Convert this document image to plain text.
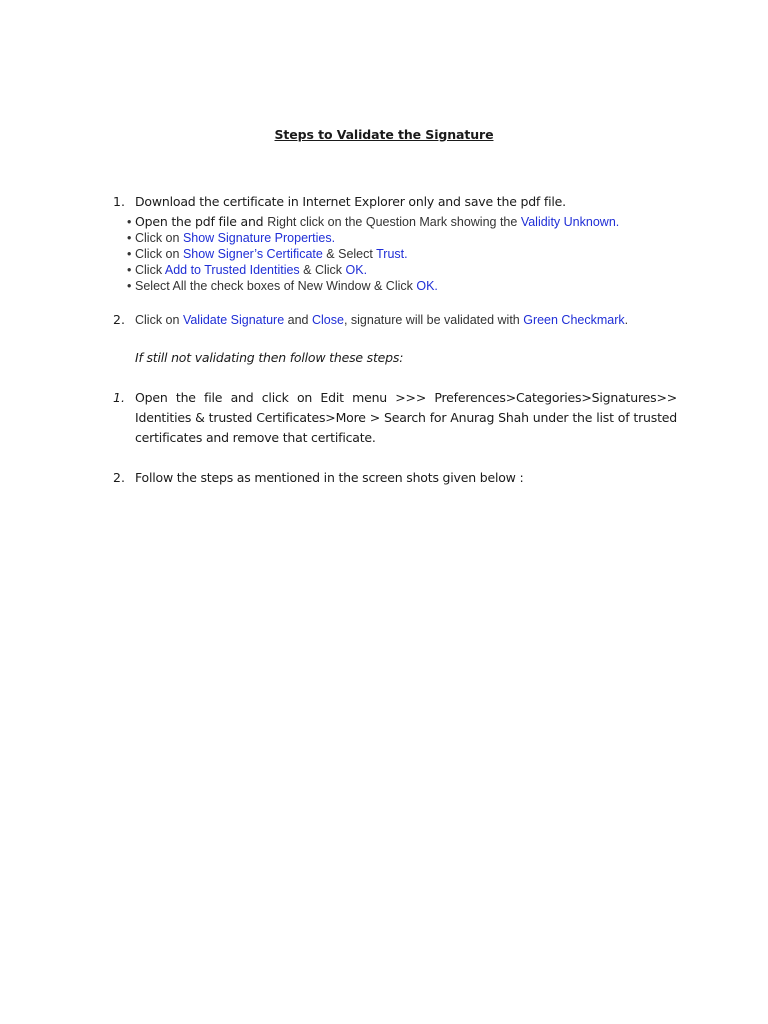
Steps to Validate the Signature
1. Download the certificate in Internet Explorer only and save the pdf file.
• Open the pdf file and Right click on the Question Mark showing the Validity Unknown.
• Click on Show Signature Properties.
• Click on Show Signer’s Certificate & Select Trust.
• Click Add to Trusted Identities & Click OK.
• Select All the check boxes of New Window & Click OK.
2. Click on Validate Signature and Close, signature will be validated with Green Checkmark.
If still not validating then follow these steps:
1. Open the file and click on Edit menu >>> Preferences>Categories>Signatures>> Identities & trusted Certificates>More > Search for Anurag Shah under the list of trusted certificates and remove that certificate.
2. Follow the steps as mentioned in the screen shots given below :
